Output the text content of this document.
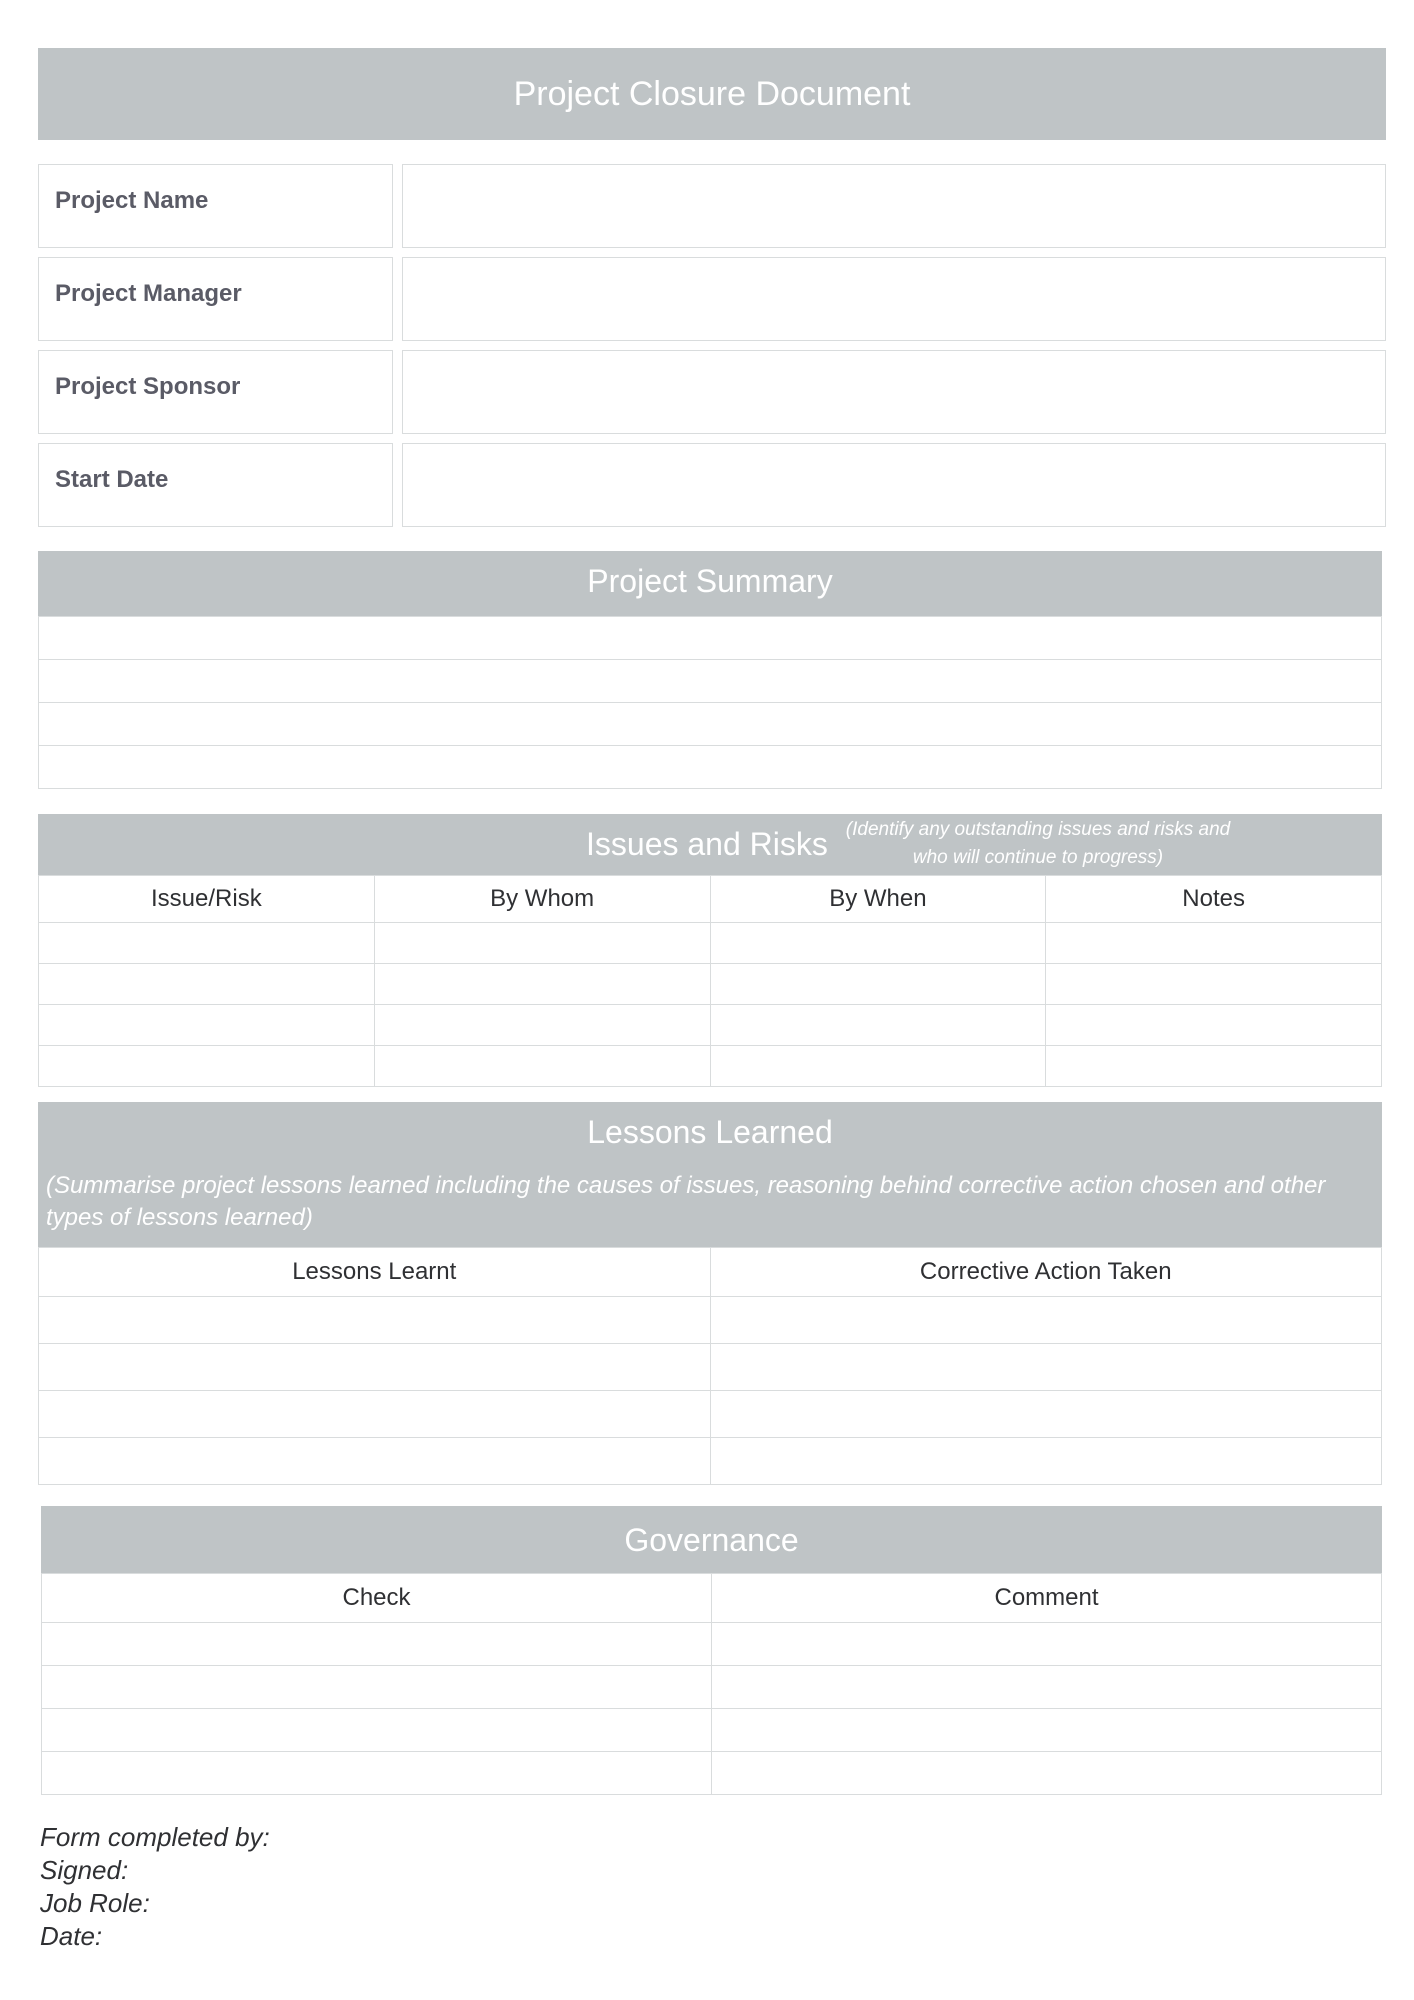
Project Closure Document
Project Name
Project Manager
Project Sponsor
Start Date
Project Summary

Issues and Risks (Identify any outstanding issues and risks and who will continue to progress)
Issue/Risk	By Whom	By When	Notes

Lessons Learned
(Summarise project lessons learned including the causes of issues, reasoning behind corrective action chosen and other types of lessons learned)
Lessons Learnt	Corrective Action Taken

Governance
Check	Comment

Form completed by:
Signed:
Job Role:
Date:
